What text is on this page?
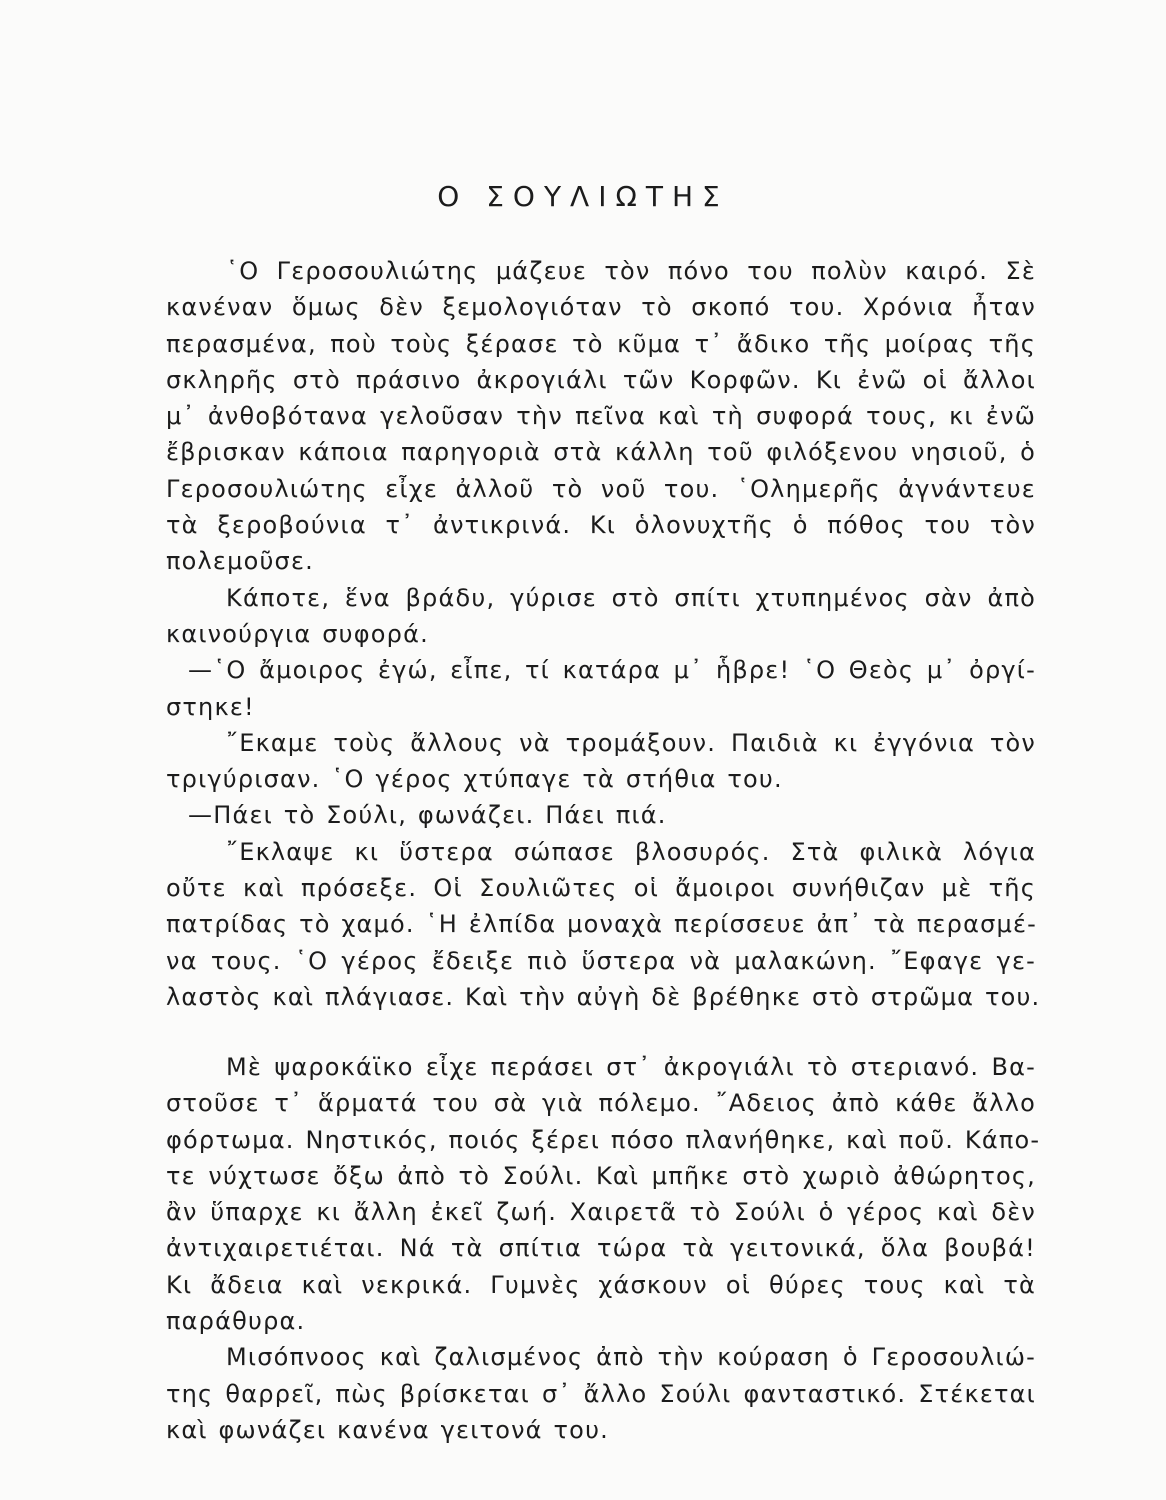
Ο ΣΟΥΛΙΩΤΗΣ
῾Ο Γεροσουλιώτης μάζευε τὸν πόνο του πολὺν καιρό. Σὲ
κανέναν ὅμως δὲν ξεμολογιόταν τὸ σκοπό του. Χρόνια ἦταν
περασμένα, ποὺ τοὺς ξέρασε τὸ κῦμα τ᾿ ἄδικο τῆς μοίρας τῆς
σκληρῆς στὸ πράσινο ἀκρογιάλι τῶν Κορφῶν. Κι ἐνῶ οἱ ἄλλοι
μ᾿ ἀνθοβότανα γελοῦσαν τὴν πεῖνα καὶ τὴ συφορά τους, κι ἐνῶ
ἔβρισκαν κάποια παρηγοριὰ στὰ κάλλη τοῦ φιλόξενου νησιοῦ, ὁ
Γεροσουλιώτης εἶχε ἀλλοῦ τὸ νοῦ του. ῾Ολημερῆς ἀγνάντευε
τὰ ξεροβούνια τ᾿ ἀντικρινά. Κι ὁλονυχτῆς ὁ πόθος του τὸν
πολεμοῦσε.
Κάποτε, ἕνα βράδυ, γύρισε στὸ σπίτι χτυπημένος σὰν ἀπὸ
καινούργια συφορά.
—῾Ο ἄμοιρος ἐγώ, εἶπε, τί κατάρα μ᾿ ἧβρε! ῾Ο Θεὸς μ᾿ ὀργί-
στηκε!
῎Εκαμε τοὺς ἄλλους νὰ τρομάξουν. Παιδιὰ κι ἐγγόνια τὸν
τριγύρισαν. ῾Ο γέρος χτύπαγε τὰ στήθια του.
—Πάει τὸ Σούλι, φωνάζει. Πάει πιά.
῎Εκλαψε κι ὕστερα σώπασε βλοσυρός. Στὰ φιλικὰ λόγια
οὔτε καὶ πρόσεξε. Οἱ Σουλιῶτες οἱ ἄμοιροι συνήθιζαν μὲ τῆς
πατρίδας τὸ χαμό. ῾Η ἐλπίδα μοναχὰ περίσσευε ἀπ᾿ τὰ περασμέ-
να τους. ῾Ο γέρος ἔδειξε πιὸ ὕστερα νὰ μαλακώνη. ῎Εφαγε γε-
λαστὸς καὶ πλάγιασε. Καὶ τὴν αὐγὴ δὲ βρέθηκε στὸ στρῶμα του.
Μὲ ψαροκάϊκο εἶχε περάσει στ᾿ ἀκρογιάλι τὸ στεριανό. Βα-
στοῦσε τ᾿ ἅρματά του σὰ γιὰ πόλεμο. ῎Αδειος ἀπὸ κάθε ἄλλο
φόρτωμα. Νηστικός, ποιός ξέρει πόσο πλανήθηκε, καὶ ποῦ. Κάπο-
τε νύχτωσε ὄξω ἀπὸ τὸ Σούλι. Καὶ μπῆκε στὸ χωριὸ ἀθώρητος,
ἂν ὕπαρχε κι ἄλλη ἐκεῖ ζωή. Χαιρετᾶ τὸ Σούλι ὁ γέρος καὶ δὲν
ἀντιχαιρετιέται. Νά τὰ σπίτια τώρα τὰ γειτονικά, ὅλα βουβά!
Κι ἄδεια καὶ νεκρικά. Γυμνὲς χάσκουν οἱ θύρες τους καὶ τὰ
παράθυρα.
Μισόπνοος καὶ ζαλισμένος ἀπὸ τὴν κούραση ὁ Γεροσουλιώ-
της θαρρεῖ, πὼς βρίσκεται σ᾿ ἄλλο Σούλι φανταστικό. Στέκεται
καὶ φωνάζει κανένα γειτονά του.
